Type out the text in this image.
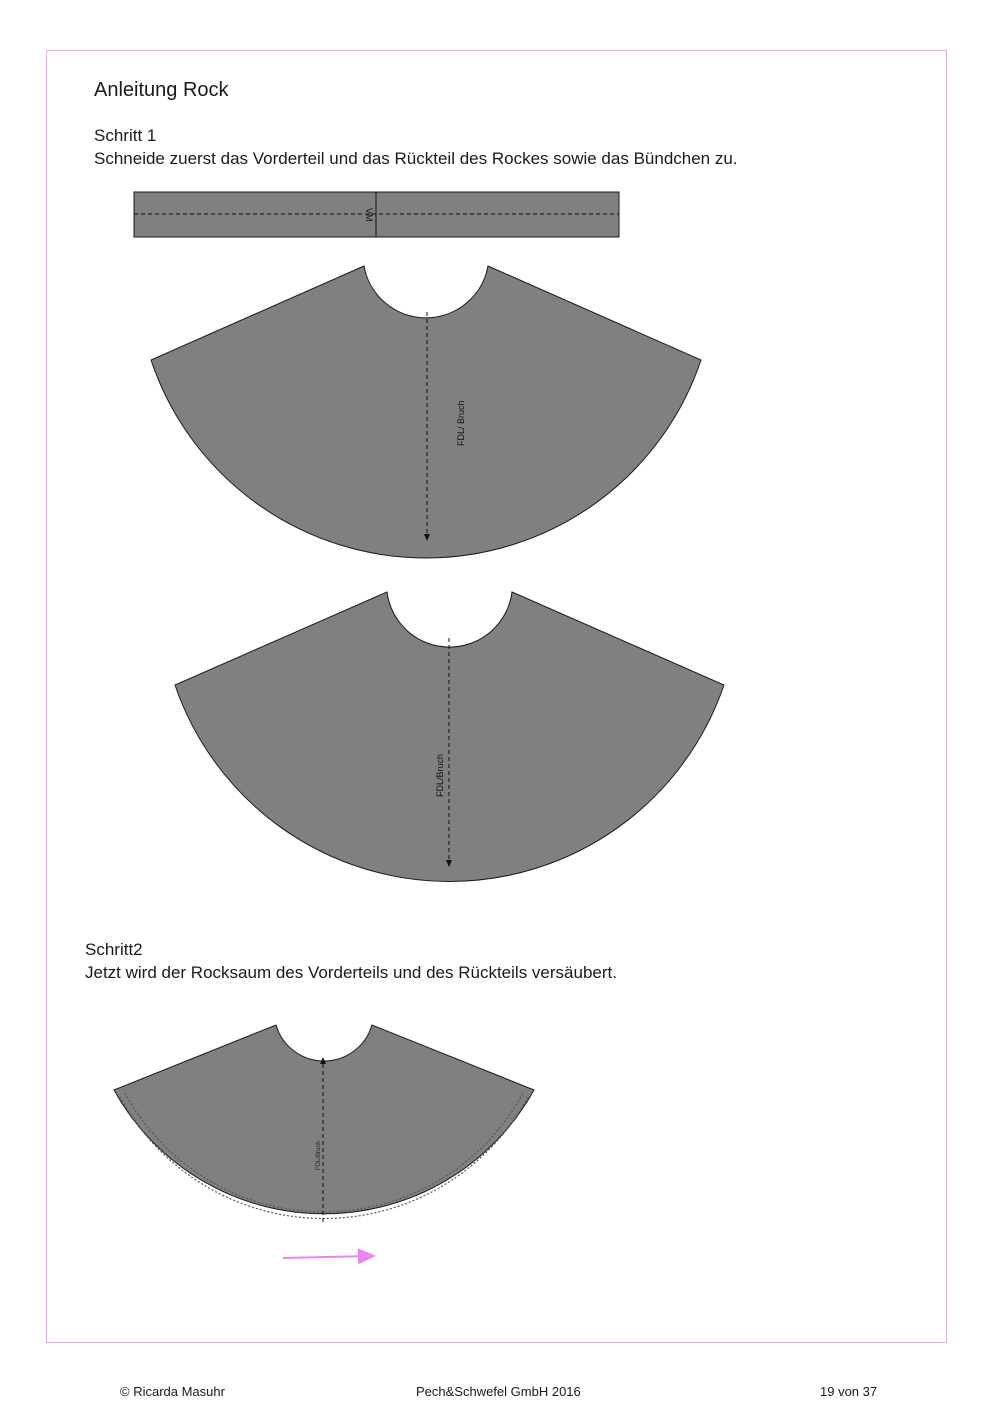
Anleitung Rock

Schritt 1

Schneide zuerst das Vorderteil und das Rückteil des Rockes sowie das Bündchen zu.

Schritt2

Jetzt wird der Rocksaum des Vorderteils und des Rückteils versäubert.

VM
FDL/ Bruch
FDL/Bruch
FDL/Bruch
© Ricarda Masuhr	Pech&Schwefel GmbH 2016	19 von 37
